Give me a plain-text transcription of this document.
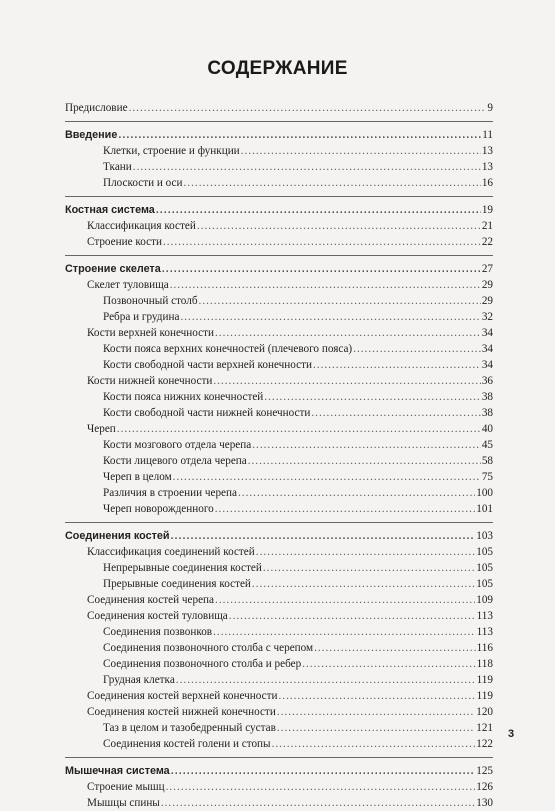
СОДЕРЖАНИЕ
Предисловие .....	9
Введение .....	11
Клетки, строение и функции .....	13
Ткани .....	13
Плоскости и оси .....	16
Костная система .....	19
Классификация костей .....	21
Строение кости .....	22
Строение скелета .....	27
Скелет туловища .....	29
Позвоночный столб .....	29
Ребра и грудина .....	32
Кости верхней конечности .....	34
Кости пояса верхних конечностей (плечевого пояса) .....	34
Кости свободной части верхней конечности .....	34
Кости нижней конечности .....	36
Кости пояса нижних конечностей .....	38
Кости свободной части нижней конечности .....	38
Череп .....	40
Кости мозгового отдела черепа .....	45
Кости лицевого отдела черепа .....	58
Череп в целом .....	75
Различия в строении черепа .....	100
Череп новорожденного .....	101
Соединения костей .....	103
Классификация соединений костей .....	105
Непрерывные соединения костей .....	105
Прерывные соединения костей .....	105
Соединения костей черепа .....	109
Соединения костей туловища .....	113
Соединения позвонков .....	113
Соединения позвоночного столба с черепом .....	116
Соединения позвоночного столба и ребер .....	118
Грудная клетка .....	119
Соединения костей верхней конечности .....	119
Соединения костей нижней конечности .....	120
Таз в целом и тазобедренный сустав .....	121
Соединения костей голени и стопы .....	122
Мышечная система .....	125
Строение мышц .....	126
Мышцы спины .....	130
3
